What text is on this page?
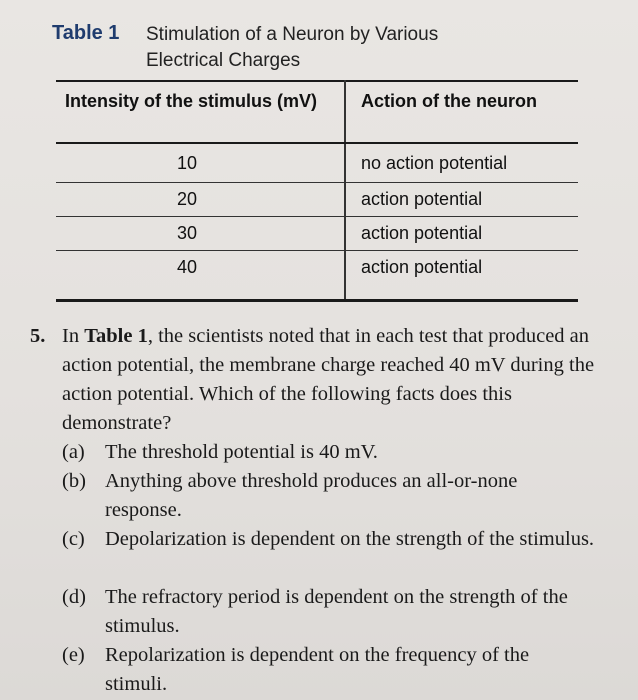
Table 1 Stimulation of a Neuron by Various Electrical Charges
Intensity of the stimulus (mV)	Action of the neuron
10	no action potential
20	action potential
30	action potential
40	action potential
5. In Table 1, the scientists noted that in each test that produced an action potential, the membrane charge reached 40 mV during the action potential. Which of the following facts does this demonstrate?
(a) The threshold potential is 40 mV.
(b) Anything above threshold produces an all-or-none response.
(c) Depolarization is dependent on the strength of the stimulus.
(d) The refractory period is dependent on the strength of the stimulus.
(e) Repolarization is dependent on the frequency of the stimuli.
